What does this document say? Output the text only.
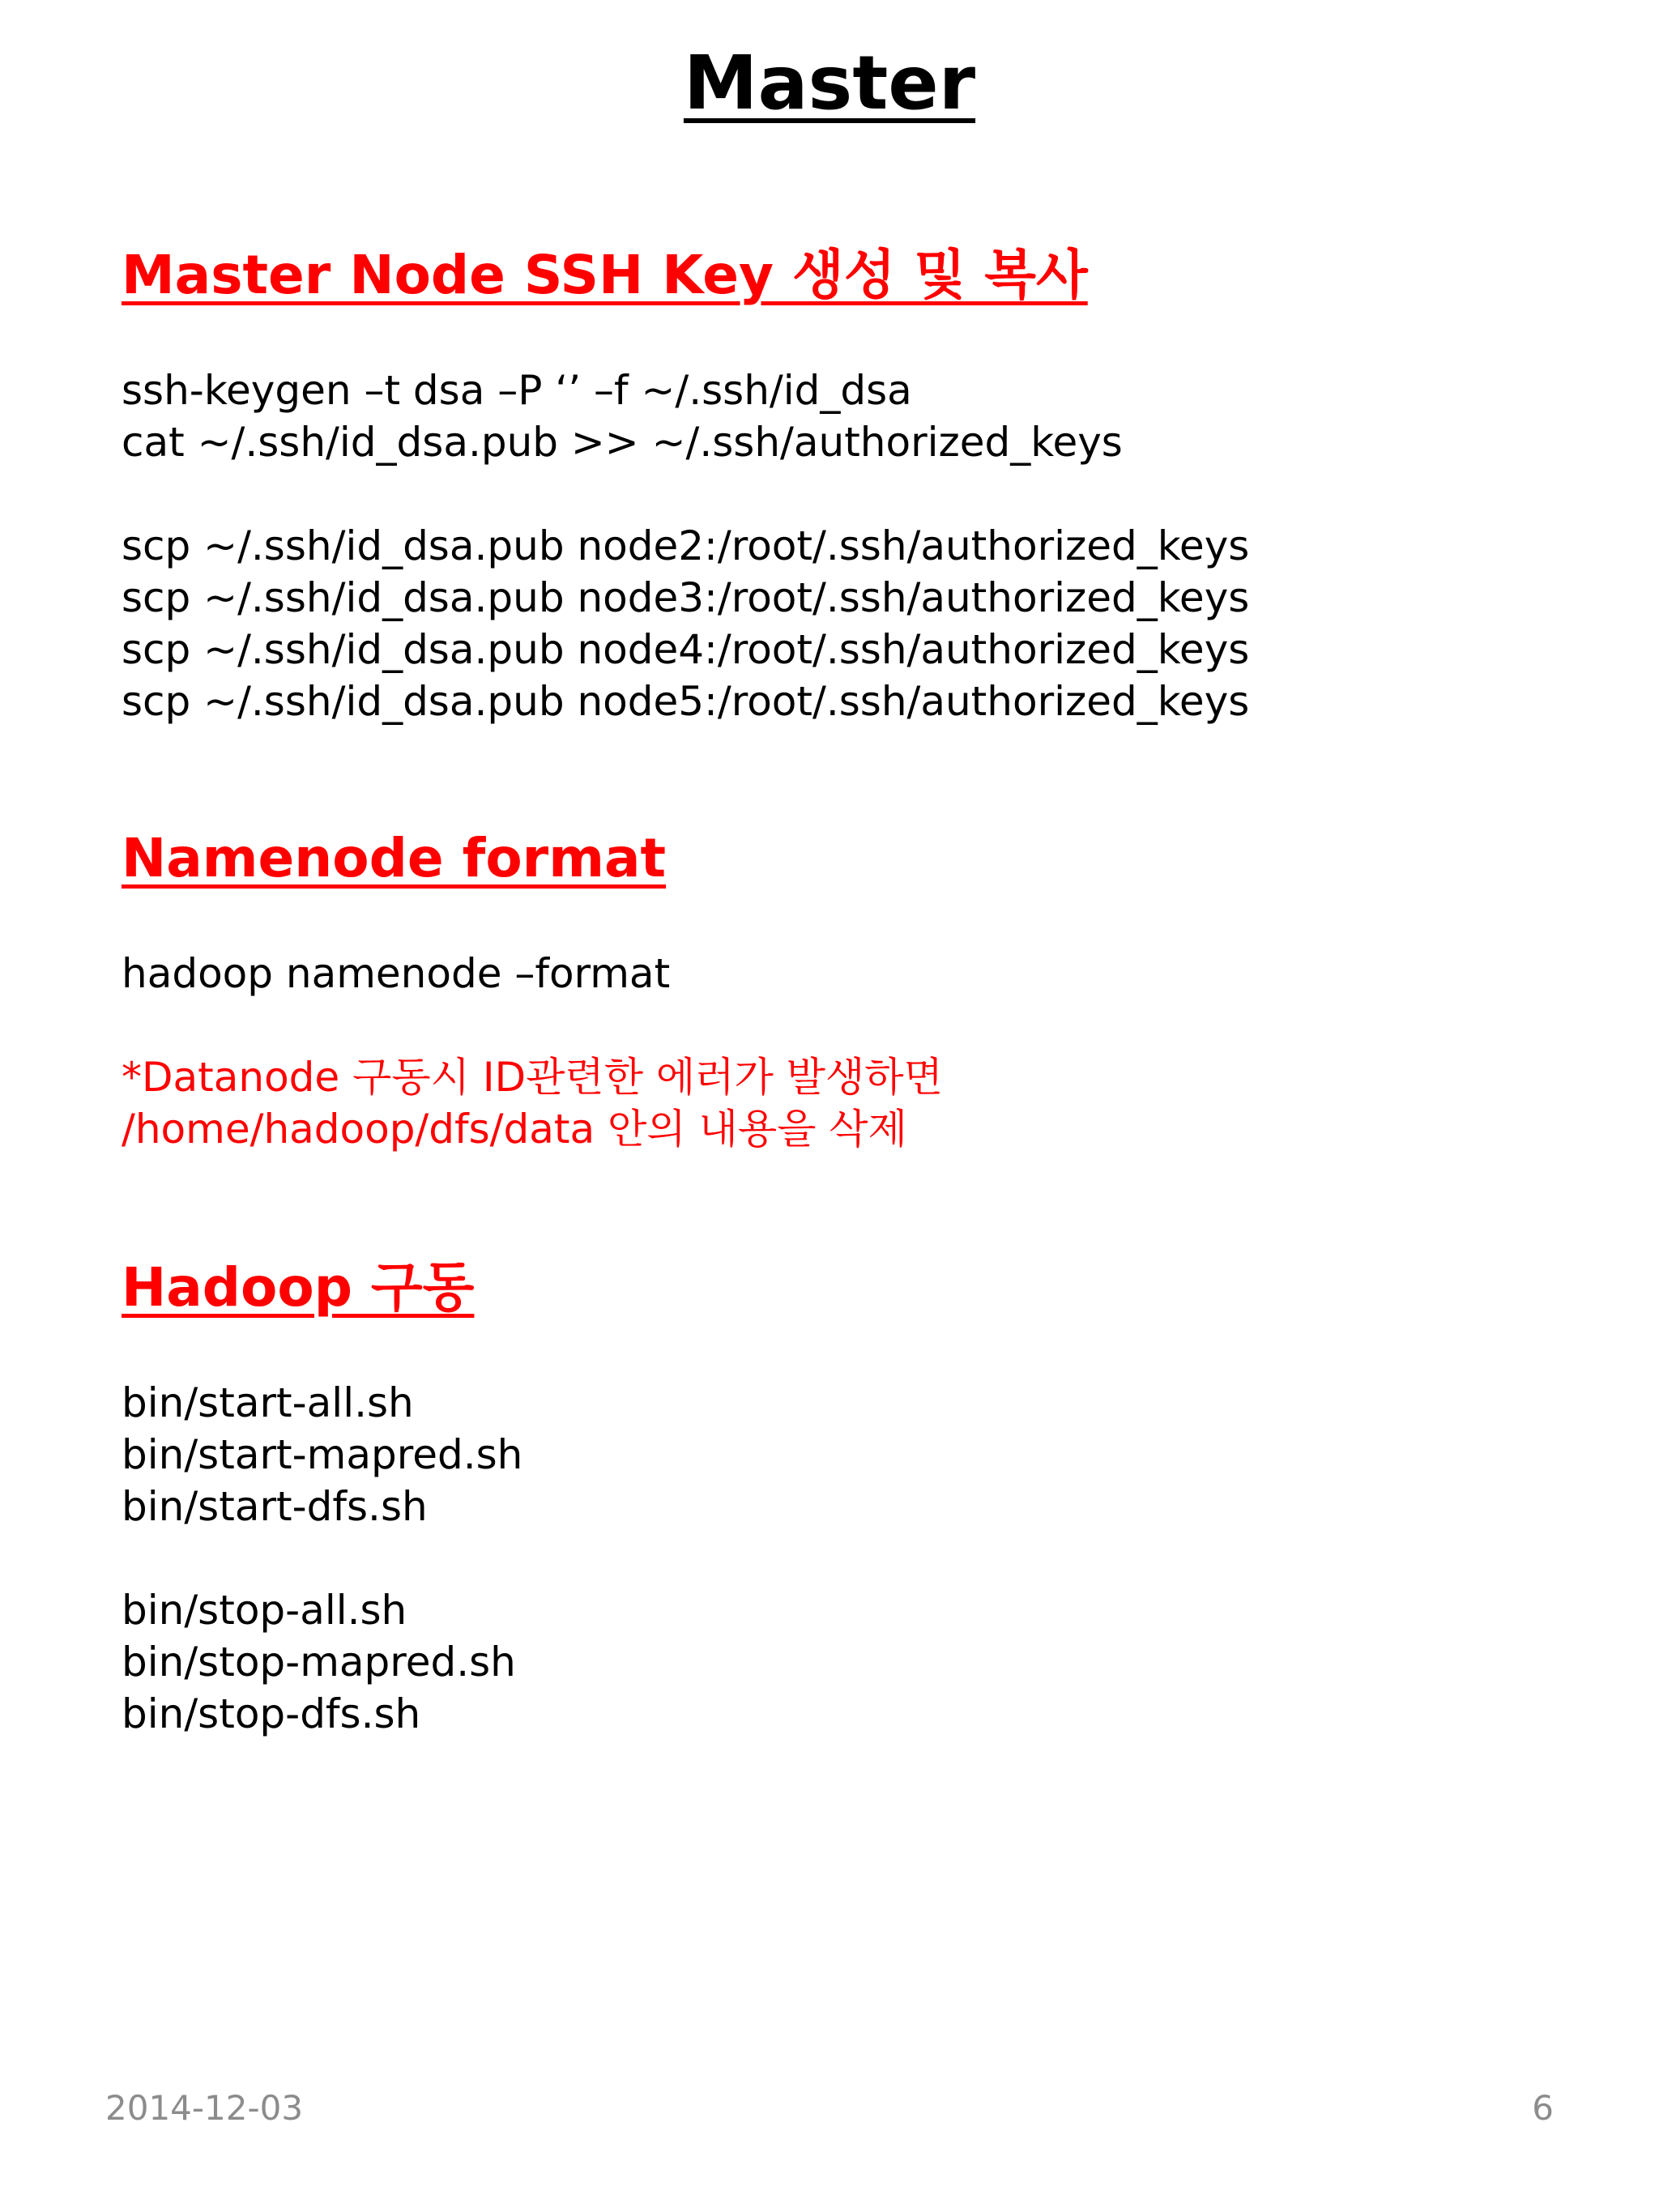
Master
Master Node SSH Key 생성 및 복사
ssh-keygen –t dsa –P ‘’ –f ~/.ssh/id_dsa
cat ~/.ssh/id_dsa.pub >> ~/.ssh/authorized_keys
scp ~/.ssh/id_dsa.pub node2:/root/.ssh/authorized_keys
scp ~/.ssh/id_dsa.pub node3:/root/.ssh/authorized_keys
scp ~/.ssh/id_dsa.pub node4:/root/.ssh/authorized_keys
scp ~/.ssh/id_dsa.pub node5:/root/.ssh/authorized_keys
Namenode format
hadoop namenode –format
*Datanode 구동시 ID관련한 에러가 발생하면
/home/hadoop/dfs/data 안의 내용을 삭제
Hadoop 구동
bin/start-all.sh
bin/start-mapred.sh
bin/start-dfs.sh
bin/stop-all.sh
bin/stop-mapred.sh
bin/stop-dfs.sh
2014-12-03	6
